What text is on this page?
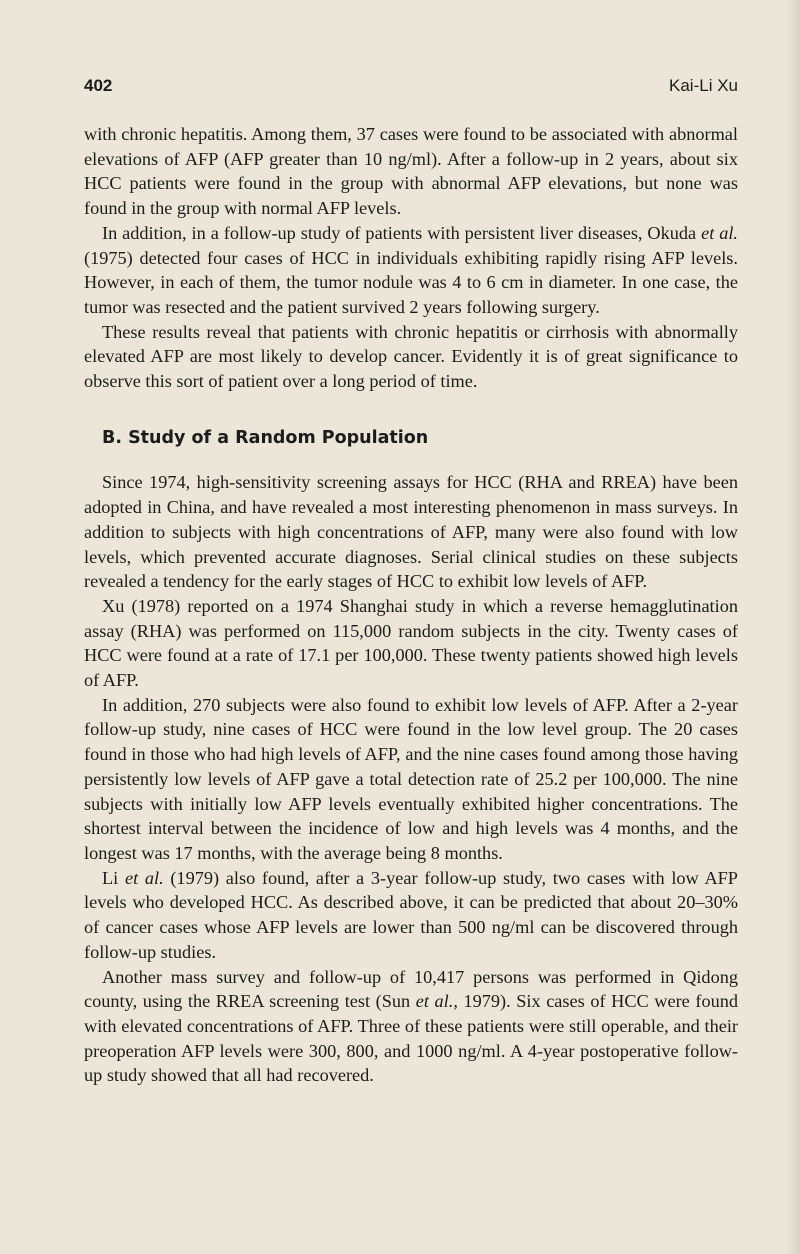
402	Kai-Li Xu

with chronic hepatitis. Among them, 37 cases were found to be associated with abnormal elevations of AFP (AFP greater than 10 ng/ml). After a follow-up in 2 years, about six HCC patients were found in the group with abnormal AFP elevations, but none was found in the group with normal AFP levels.

In addition, in a follow-up study of patients with persistent liver diseases, Okuda et al. (1975) detected four cases of HCC in individuals exhibiting rapidly rising AFP levels. However, in each of them, the tumor nodule was 4 to 6 cm in diameter. In one case, the tumor was resected and the patient survived 2 years following surgery.

These results reveal that patients with chronic hepatitis or cirrhosis with abnormally elevated AFP are most likely to develop cancer. Evidently it is of great significance to observe this sort of patient over a long period of time.

B. Study of a Random Population

Since 1974, high-sensitivity screening assays for HCC (RHA and RREA) have been adopted in China, and have revealed a most interesting phenomenon in mass surveys. In addition to subjects with high concentrations of AFP, many were also found with low levels, which prevented accurate diagnoses. Serial clinical studies on these subjects revealed a tendency for the early stages of HCC to exhibit low levels of AFP.

Xu (1978) reported on a 1974 Shanghai study in which a reverse hemagglutination assay (RHA) was performed on 115,000 random subjects in the city. Twenty cases of HCC were found at a rate of 17.1 per 100,000. These twenty patients showed high levels of AFP.

In addition, 270 subjects were also found to exhibit low levels of AFP. After a 2-year follow-up study, nine cases of HCC were found in the low level group. The 20 cases found in those who had high levels of AFP, and the nine cases found among those having persistently low levels of AFP gave a total detection rate of 25.2 per 100,000. The nine subjects with initially low AFP levels eventually exhibited higher concentrations. The shortest interval between the incidence of low and high levels was 4 months, and the longest was 17 months, with the average being 8 months.

Li et al. (1979) also found, after a 3-year follow-up study, two cases with low AFP levels who developed HCC. As described above, it can be predicted that about 20–30% of cancer cases whose AFP levels are lower than 500 ng/ml can be discovered through follow-up studies.

Another mass survey and follow-up of 10,417 persons was performed in Qidong county, using the RREA screening test (Sun et al., 1979). Six cases of HCC were found with elevated concentrations of AFP. Three of these patients were still operable, and their preoperation AFP levels were 300, 800, and 1000 ng/ml. A 4-year postoperative follow-up study showed that all had recovered.
